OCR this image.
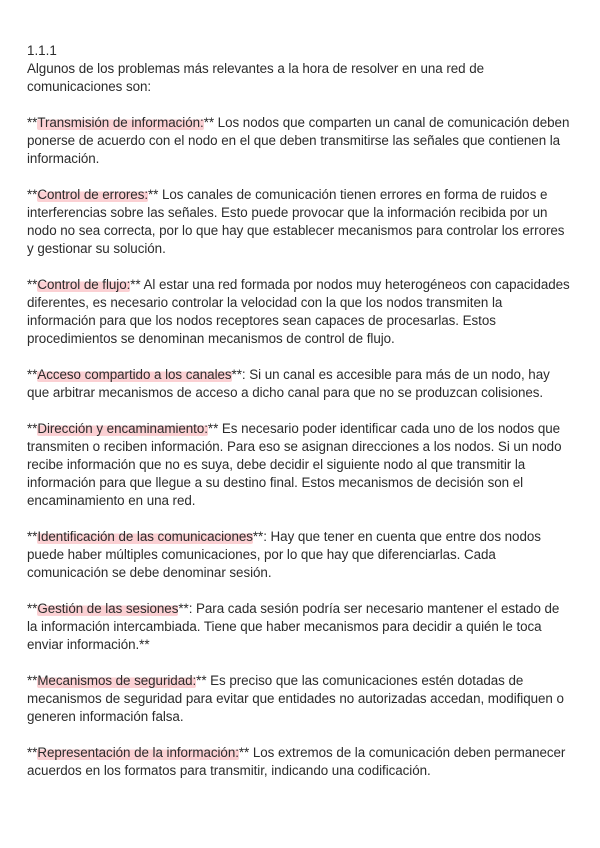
1.1.1

Algunos de los problemas más relevantes a la hora de resolver en una red de comunicaciones son:

**Transmisión de información:** Los nodos que comparten un canal de comunicación deben ponerse de acuerdo con el nodo en el que deben transmitirse las señales que contienen la información.

**Control de errores:** Los canales de comunicación tienen errores en forma de ruidos e interferencias sobre las señales. Esto puede provocar que la información recibida por un nodo no sea correcta, por lo que hay que establecer mecanismos para controlar los errores y gestionar su solución.

**Control de flujo:** Al estar una red formada por nodos muy heterogéneos con capacidades diferentes, es necesario controlar la velocidad con la que los nodos transmiten la información para que los nodos receptores sean capaces de procesarlas. Estos procedimientos se denominan mecanismos de control de flujo.

**Acceso compartido a los canales**: Si un canal es accesible para más de un nodo, hay que arbitrar mecanismos de acceso a dicho canal para que no se produzcan colisiones.

**Dirección y encaminamiento:** Es necesario poder identificar cada uno de los nodos que transmiten o reciben información. Para eso se asignan direcciones a los nodos. Si un nodo recibe información que no es suya, debe decidir el siguiente nodo al que transmitir la información para que llegue a su destino final. Estos mecanismos de decisión son el encaminamiento en una red.

**Identificación de las comunicaciones**: Hay que tener en cuenta que entre dos nodos puede haber múltiples comunicaciones, por lo que hay que diferenciarlas. Cada comunicación se debe denominar sesión.

**Gestión de las sesiones**: Para cada sesión podría ser necesario mantener el estado de la información intercambiada. Tiene que haber mecanismos para decidir a quién le toca enviar información.**

**Mecanismos de seguridad:** Es preciso que las comunicaciones estén dotadas de mecanismos de seguridad para evitar que entidades no autorizadas accedan, modifiquen o generen información falsa.

**Representación de la información:** Los extremos de la comunicación deben permanecer acuerdos en los formatos para transmitir, indicando una codificación.
